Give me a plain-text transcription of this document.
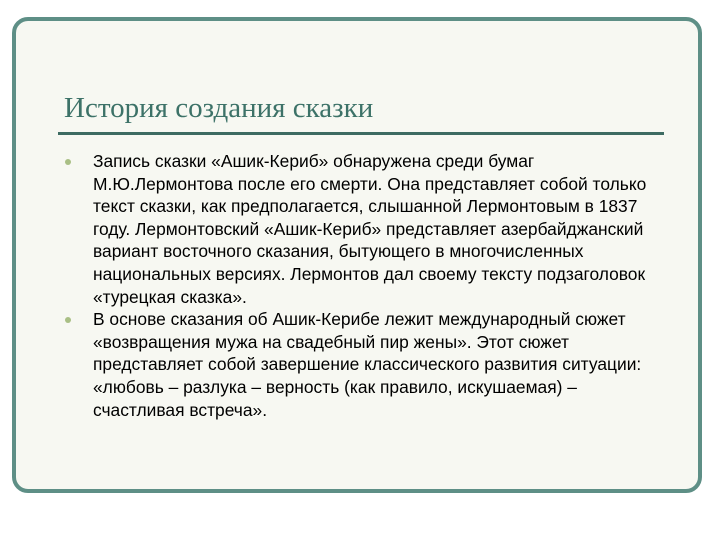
История создания сказки
Запись сказки «Ашик-Кериб» обнаружена среди бумаг М.Ю.Лермонтова после его смерти. Она представляет собой только текст сказки, как предполагается, слышанной Лермонтовым в 1837 году. Лермонтовский «Ашик-Кериб» представляет азербайджанский вариант восточного сказания, бытующего в многочисленных национальных версиях. Лермонтов дал своему тексту подзаголовок «турецкая сказка».
В основе сказания об Ашик-Керибе лежит международный сюжет «возвращения мужа на свадебный пир жены». Этот сюжет представляет собой завершение классического развития ситуации: «любовь – разлука – верность (как правило, искушаемая) – счастливая встреча».
